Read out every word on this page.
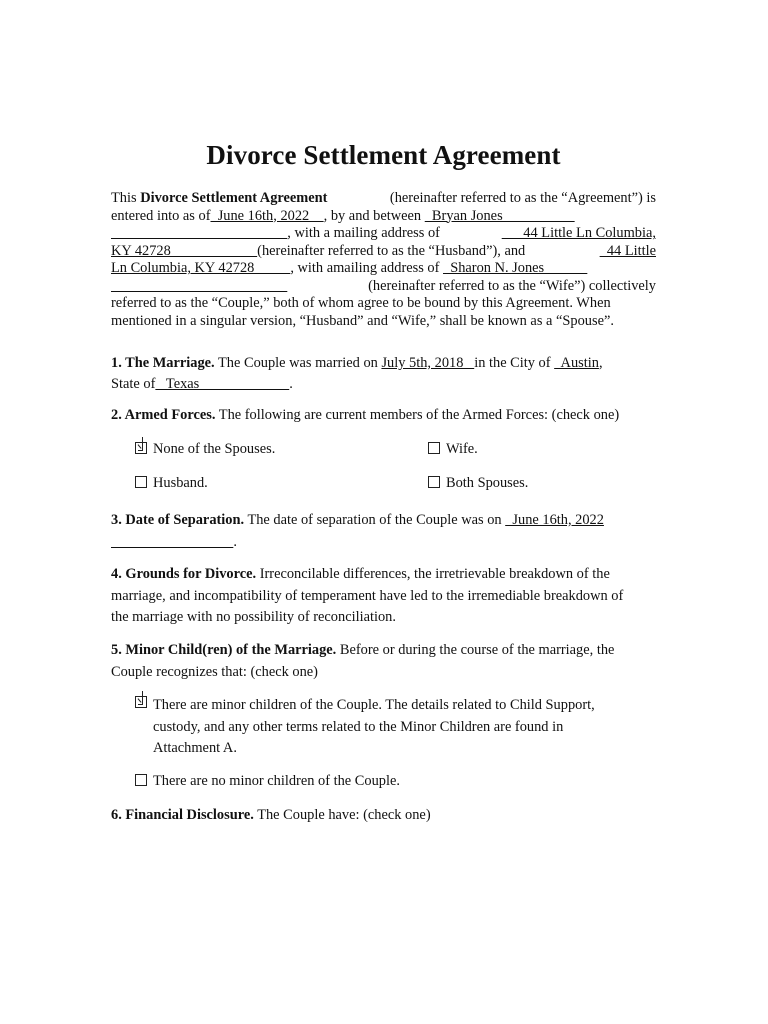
Divorce Settlement Agreement
This Divorce Settlement Agreement	(hereinafter referred to as the “Agreement”) is
entered into as of  June 16th, 2022    , by and between   Bryan Jones
, with a mailing address of	44 Little Ln Columbia,
KY 42728                        (hereinafter referred to as the “Husband”), and	44 Little
Ln Columbia, KY 42728          , with amailing address of   Sharon N. Jones

(hereinafter referred to as the “Wife”) collectively
referred to as the “Couple,” both of whom agree to be bound by this Agreement. When
mentioned in a singular version, “Husband” and “Wife,” shall be known as a “Spouse”.
1. The Marriage. The Couple was married on July 5th, 2018   in the City of   Austin,
State of   Texas                         .
2. Armed Forces. The following are current members of the Armed Forces: (check one)
None of the Spouses.	Wife.
Husband.	Both Spouses.
3. Date of Separation. The date of separation of the Couple was on   June 16th, 2022
.
4. Grounds for Divorce. Irreconcilable differences, the irretrievable breakdown of the
marriage, and incompatibility of temperament have led to the irremediable breakdown of
the marriage with no possibility of reconciliation.
5. Minor Child(ren) of the Marriage. Before or during the course of the marriage, the
Couple recognizes that: (check one)
There are minor children of the Couple. The details related to Child Support,
custody, and any other terms related to the Minor Children are found in
Attachment A.
There are no minor children of the Couple.
6. Financial Disclosure. The Couple have: (check one)
